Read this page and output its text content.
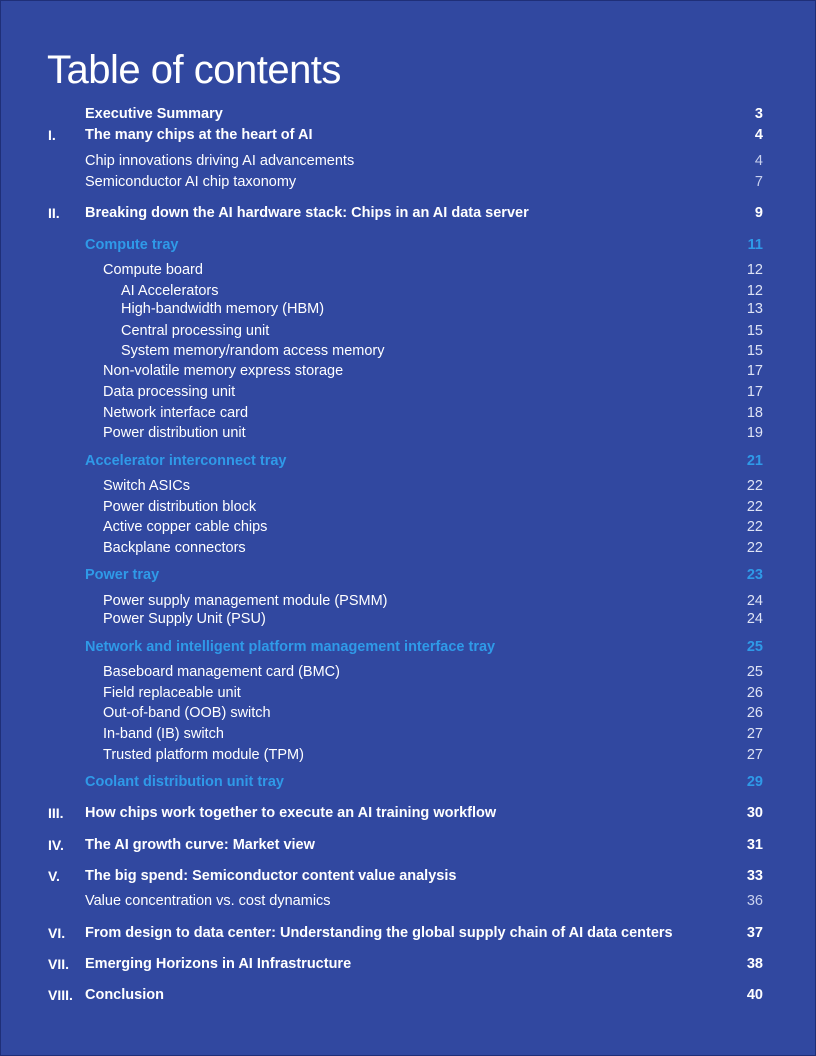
Table of contents
Executive Summary	3
I. The many chips at the heart of AI	4
Chip innovations driving AI advancements	4
Semiconductor AI chip taxonomy	7
II. Breaking down the AI hardware stack: Chips in an AI data server	9
Compute tray	11
Compute board	12
AI Accelerators	12
High-bandwidth memory (HBM)	13
Central processing unit	15
System memory/random access memory	15
Non-volatile memory express storage	17
Data processing unit	17
Network interface card	18
Power distribution unit	19
Accelerator interconnect tray	21
Switch ASICs	22
Power distribution block	22
Active copper cable chips	22
Backplane connectors	22
Power tray	23
Power supply management module (PSMM)	24
Power Supply Unit (PSU)	24
Network and intelligent platform management interface tray	25
Baseboard management card (BMC)	25
Field replaceable unit	26
Out-of-band (OOB) switch	26
In-band (IB) switch	27
Trusted platform module (TPM)	27
Coolant distribution unit tray	29
III. How chips work together to execute an AI training workflow	30
IV. The AI growth curve: Market view	31
V. The big spend: Semiconductor content value analysis	33
Value concentration vs. cost dynamics	36
VI. From design to data center: Understanding the global supply chain of AI data centers	37
VII. Emerging Horizons in AI Infrastructure	38
VIII. Conclusion	40
